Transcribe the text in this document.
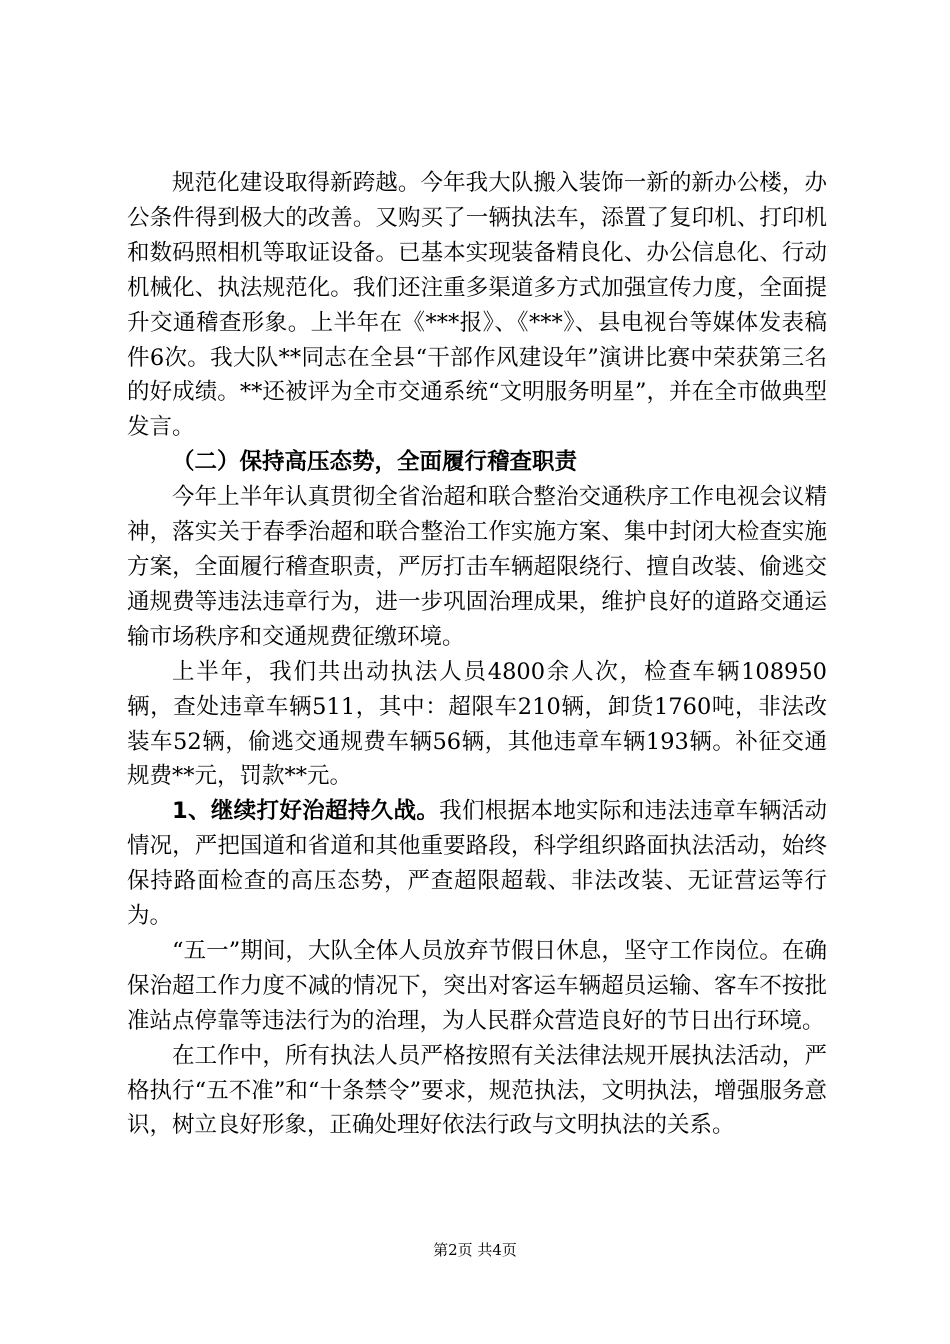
规范化建设取得新跨越。今年我大队搬入装饰一新的新办公楼，办公条件得到极大的改善。又购买了一辆执法车，添置了复印机、打印机和数码照相机等取证设备。已基本实现装备精良化、办公信息化、行动机械化、执法规范化。我们还注重多渠道多方式加强宣传力度，全面提升交通稽查形象。上半年在《***报》、《***》、县电视台等媒体发表稿件6次。我大队**同志在全县“干部作风建设年”演讲比赛中荣获第三名的好成绩。**还被评为全市交通系统“文明服务明星”，并在全市做典型发言。

（二）保持高压态势，全面履行稽查职责

今年上半年认真贯彻全省治超和联合整治交通秩序工作电视会议精神，落实关于春季治超和联合整治工作实施方案、集中封闭大检查实施方案，全面履行稽查职责，严厉打击车辆超限绕行、擅自改装、偷逃交通规费等违法违章行为，进一步巩固治理成果，维护良好的道路交通运输市场秩序和交通规费征缴环境。

上半年，我们共出动执法人员4800余人次，检查车辆108950辆，查处违章车辆511，其中：超限车210辆，卸货1760吨，非法改装车52辆，偷逃交通规费车辆56辆，其他违章车辆193辆。补征交通规费**元，罚款**元。

1、继续打好治超持久战。我们根据本地实际和违法违章车辆活动情况，严把国道和省道和其他重要路段，科学组织路面执法活动，始终保持路面检查的高压态势，严查超限超载、非法改装、无证营运等行为。

“五一”期间，大队全体人员放弃节假日休息，坚守工作岗位。在确保治超工作力度不减的情况下，突出对客运车辆超员运输、客车不按批准站点停靠等违法行为的治理，为人民群众营造良好的节日出行环境。

在工作中，所有执法人员严格按照有关法律法规开展执法活动，严格执行“五不准”和“十条禁令”要求，规范执法，文明执法，增强服务意识，树立良好形象，正确处理好依法行政与文明执法的关系。

第2页 共4页
